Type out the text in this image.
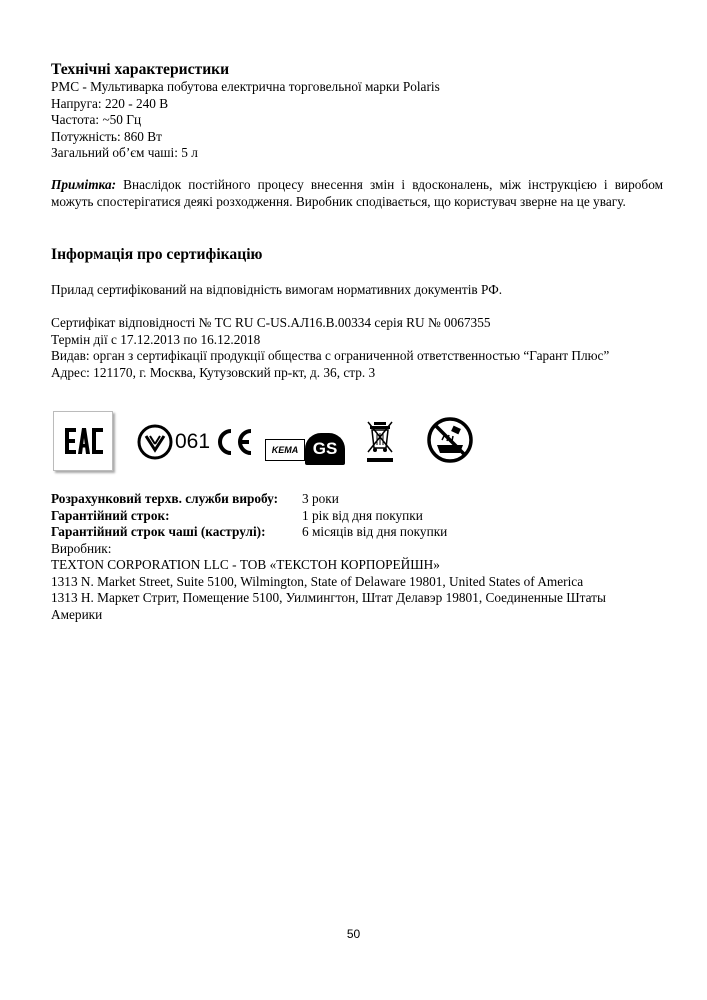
Технічні характеристики
PMC - Мультиварка побутова електрична торговельної марки Polaris
Напруга: 220 - 240 В
Частота: ~50 Гц
Потужність: 860 Вт
Загальний об’єм чаші: 5 л
Примітка: Внаслідок постійного процесу внесення змін і вдосконалень, між інструкцією і виробом можуть спостерігатися деякі розходження. Виробник сподівається, що користувач зверне на це увагу.
Інформація про сертифікацію
Прилад сертифікований на відповідність вимогам нормативних документів РФ.
Сертифікат відповідності № ТС RU C-US.АЛ16.В.00334 серія RU № 0067355
Термін дії с 17.12.2013 по 16.12.2018
Видав: орган з сертифікації продукції общества с ограниченной ответственностью “Гарант Плюс”
Адрес: 121170, г. Москва, Кутузовский пр-кт, д. 36, стр. 3
061	KEMA GS
Розрахунковий терхв. служби виробу:	3 роки
Гарантійний строк:	1 рік від дня покупки
Гарантійний строк чаші (каструлі):	6 місяців від дня покупки
Виробник:
TEXTON CORPORATION LLC - ТОВ «ТЕКСТОН КОРПОРЕЙШН»
1313 N. Market Street, Suite 5100, Wilmington, State of Delaware 19801, United States of America
1313 Н. Маркет Стрит, Помещение 5100, Уилмингтон, Штат Делавэр 19801, Соединенные Штаты
Америки
50
